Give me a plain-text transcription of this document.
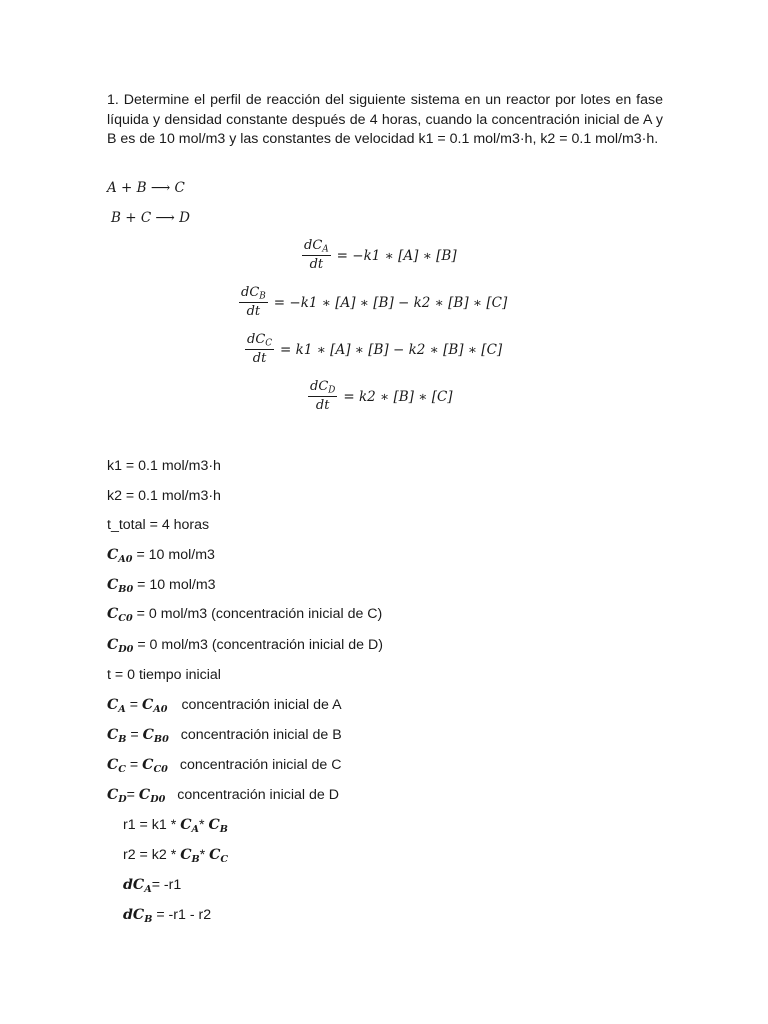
1. Determine el perfil de reacción del siguiente sistema en un reactor por lotes en fase líquida y densidad constante después de 4 horas, cuando la concentración inicial de A y B es de 10 mol/m3 y las constantes de velocidad k1 = 0.1 mol/m3·h, k2 = 0.1 mol/m3·h.

A + B ⟶ C
B + C ⟶ D
$\frac{dC_A}{dt} = -k1$ ∗ [A] ∗ [B]
$\frac{dC_B}{dt} = -k1$ ∗ [A] ∗ [B] − k2 ∗ [B] ∗ [C]
$\frac{dC_C}{dt} = k1$ ∗ [A] ∗ [B] − k2 ∗ [B] ∗ [C]
$\frac{dC_D}{dt} = k2$ ∗ [B] ∗ [C]
k1 = 0.1 mol/m3·h
k2 = 0.1 mol/m3·h
t_total = 4 horas
$C_{A0} = 10$ mol/m3
$C_{B0} = 10$ mol/m3
$C_{C0} = 0$ mol/m3 (concentración inicial de C)
$C_{D0} = 0$ mol/m3 (concentración inicial de D)
t = 0 tiempo inicial
$C_A = C_{A0}$ concentración inicial de A
$C_B = C_{B0}$ concentración inicial de B
$C_C = C_{C0}$ concentración inicial de C
$C_D= C_{D0}$ concentración inicial de D
$r1 = k1 * C_A*$ $C_B$
$r2 = k2 * C_B*$ $C_C$
$dC_A= -r1$
$dC_B = -r1 - r2$
